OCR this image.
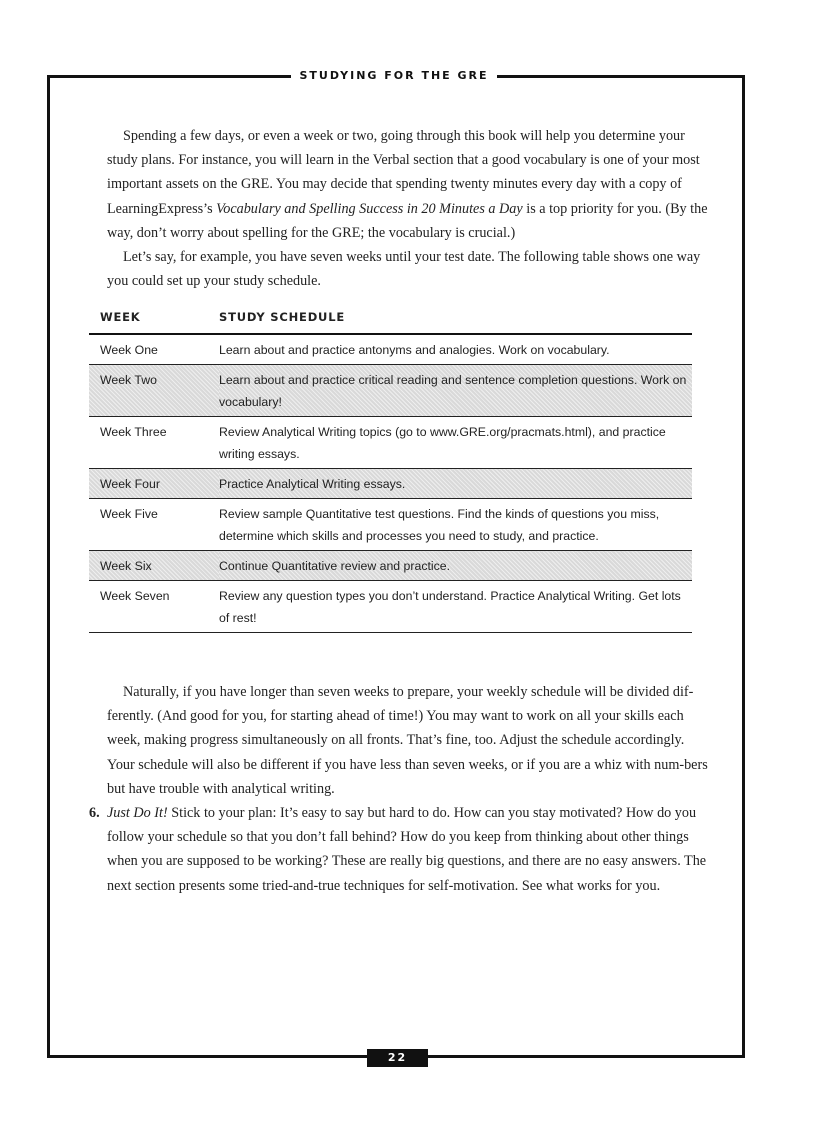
STUDYING FOR THE GRE

Spending a few days, or even a week or two, going through this book will help you determine your study plans. For instance, you will learn in the Verbal section that a good vocabulary is one of your most important assets on the GRE. You may decide that spending twenty minutes every day with a copy of LearningExpress’s Vocabulary and Spelling Success in 20 Minutes a Day is a top priority for you. (By the way, don’t worry about spelling for the GRE; the vocabulary is crucial.)

Let’s say, for example, you have seven weeks until your test date. The following table shows one way you could set up your study schedule.

WEEK	STUDY SCHEDULE
Week One	Learn about and practice antonyms and analogies. Work on vocabulary.
Week Two	Learn about and practice critical reading and sentence completion questions. Work on vocabulary!
Week Three	Review Analytical Writing topics (go to www.GRE.org/pracmats.html), and practice writing essays.
Week Four	Practice Analytical Writing essays.
Week Five	Review sample Quantitative test questions. Find the kinds of questions you miss, determine which skills and processes you need to study, and practice.
Week Six	Continue Quantitative review and practice.
Week Seven	Review any question types you don’t understand. Practice Analytical Writing. Get lots of rest!

Naturally, if you have longer than seven weeks to prepare, your weekly schedule will be divided dif-ferently. (And good for you, for starting ahead of time!) You may want to work on all your skills each week, making progress simultaneously on all fronts. That’s fine, too. Adjust the schedule accordingly. Your schedule will also be different if you have less than seven weeks, or if you are a whiz with num-bers but have trouble with analytical writing.

6. Just Do It! Stick to your plan: It’s easy to say but hard to do. How can you stay motivated? How do you follow your schedule so that you don’t fall behind? How do you keep from thinking about other things when you are supposed to be working? These are really big questions, and there are no easy answers. The next section presents some tried-and-true techniques for self-motivation. See what works for you.

22
